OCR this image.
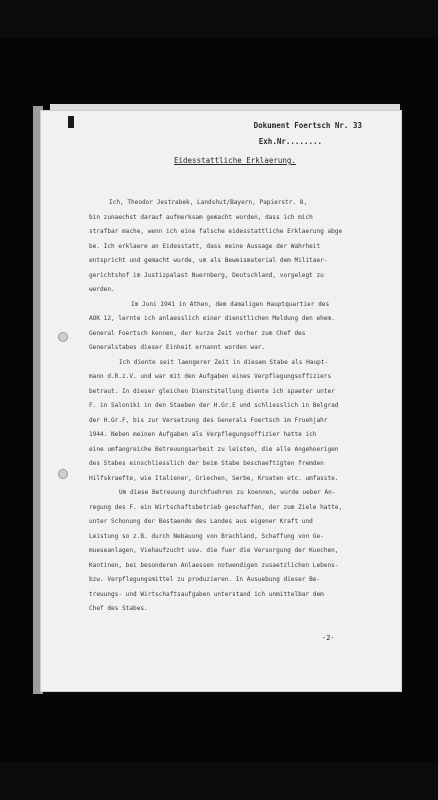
Dokument Foertsch Nr. 33
Exh.Nr........
Eidesstattliche Erklaerung.
Ich, Theodor Jestrabek, Landshut/Bayern, Papierstr. 8,
bin zunaechst darauf aufmerksam gemacht worden, dass ich mich
strafbar mache, wenn ich eine falsche eidesstattliche Erklaerung abge
be. Ich erklaere an Eidesstatt, dass meine Aussage der Wahrheit
entspricht und gemacht wurde, um als Beweismaterial dem Militaer-
gerichtshof im Justizpalast Nuernberg, Deutschland, vorgelegt zu
werden.
Im Juni 1941 in Athen, dem damaligen Hauptquartier des
AOK 12, lernte ich anlaesslich einer dienstlichen Meldung den ehem.
General Foertsch kennen, der kurze Zeit vorher zum Chef des
Generalstabes dieser Einheit ernannt worden war.
Ich diente seit laengerer Zeit in diesem Stabe als Haupt-
mann d.R.z.V. und war mit den Aufgaben eines Verpflegungsoffiziers
betraut. In dieser gleichen Dienststellung diente ich spaeter unter
F. in Saloniki in den Staeben der H.Gr.E und schliesslich in Belgrad
der H.Gr.F, bis zur Versetzung des Generals Foertsch im Fruehjahr
1944. Neben meinen Aufgaben als Verpflegungsoffizier hatte ich
eine umfangreiche Betreuungsarbeit zu leisten, die alle Angehoerigen
des Stabes einschliesslich der beim Stabe beschaeftigten fremden
Hilfskraefte, wie Italiener, Griechen, Serbe, Kroaten etc. umfasste.
Um diese Betreuung durchfuehren zu koennen, wurde ueber An-
regung des F. ein Wirtschaftsbetrieb geschaffen, der zum Ziele hatte,
unter Schonung der Bestaende des Landes aus eigener Kraft und
Leistung so z.B. durch Nebauung von Brachland, Schaffung von Ge-
mueseanlagen, Viehaufzucht usw. die fuer die Versorgung der Kuechen,
Kantinen, bei besonderen Anlaessen notwendigen zusaetzlichen Lebens-
bzw. Verpflegungsmittel zu produzieren. In Ausuebung dieser Be-
treuungs- und Wirtschaftsaufgaben unterstand ich unmittelbar dem
Chef des Stabes.
-2-
